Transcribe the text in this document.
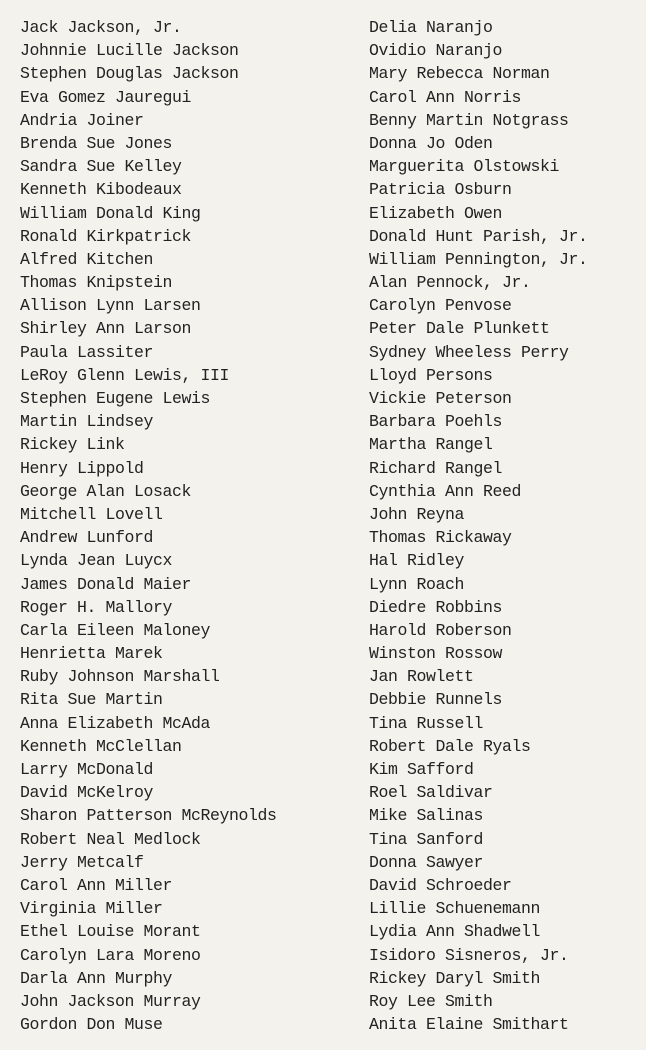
Jack Jackson, Jr.
Johnnie Lucille Jackson
Stephen Douglas Jackson
Eva Gomez Jauregui
Andria Joiner
Brenda Sue Jones
Sandra Sue Kelley
Kenneth Kibodeaux
William Donald King
Ronald Kirkpatrick
Alfred Kitchen
Thomas Knipstein
Allison Lynn Larsen
Shirley Ann Larson
Paula Lassiter
LeRoy Glenn Lewis, III
Stephen Eugene Lewis
Martin Lindsey
Rickey Link
Henry Lippold
George Alan Losack
Mitchell Lovell
Andrew Lunford
Lynda Jean Luycx
James Donald Maier
Roger H. Mallory
Carla Eileen Maloney
Henrietta Marek
Ruby Johnson Marshall
Rita Sue Martin
Anna Elizabeth McAda
Kenneth McClellan
Larry McDonald
David McKelroy
Sharon Patterson McReynolds
Robert Neal Medlock
Jerry Metcalf
Carol Ann Miller
Virginia Miller
Ethel Louise Morant
Carolyn Lara Moreno
Darla Ann Murphy
John Jackson Murray
Gordon Don Muse
Delia Naranjo
Ovidio Naranjo
Mary Rebecca Norman
Carol Ann Norris
Benny Martin Notgrass
Donna Jo Oden
Marguerita Olstowski
Patricia Osburn
Elizabeth Owen
Donald Hunt Parish, Jr.
William Pennington, Jr.
Alan Pennock, Jr.
Carolyn Penvose
Peter Dale Plunkett
Sydney Wheeless Perry
Lloyd Persons
Vickie Peterson
Barbara Poehls
Martha Rangel
Richard Rangel
Cynthia Ann Reed
John Reyna
Thomas Rickaway
Hal Ridley
Lynn Roach
Diedre Robbins
Harold Roberson
Winston Rossow
Jan Rowlett
Debbie Runnels
Tina Russell
Robert Dale Ryals
Kim Safford
Roel Saldivar
Mike Salinas
Tina Sanford
Donna Sawyer
David Schroeder
Lillie Schuenemann
Lydia Ann Shadwell
Isidoro Sisneros, Jr.
Rickey Daryl Smith
Roy Lee Smith
Anita Elaine Smithart
